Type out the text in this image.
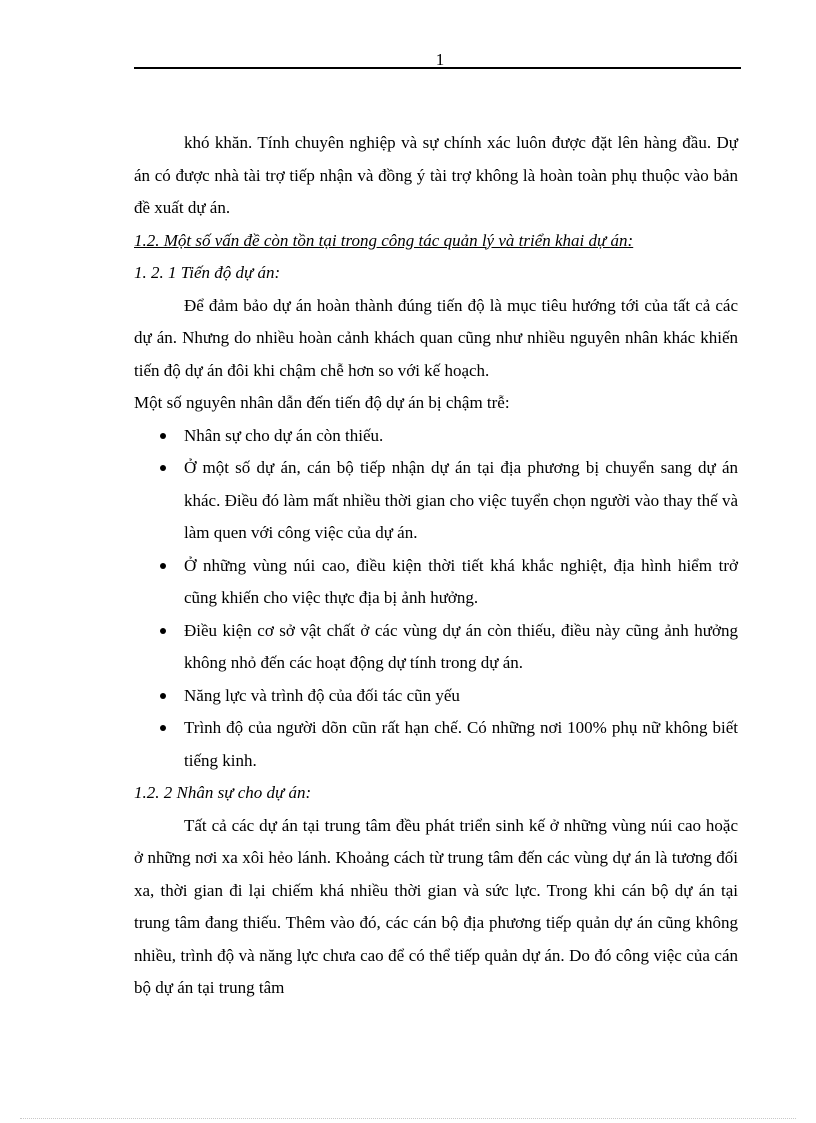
1

khó khăn. Tính chuyên nghiệp và sự chính xác luôn được đặt lên hàng đầu. Dự án có được nhà tài trợ tiếp nhận và đồng ý tài trợ không là hoàn toàn phụ thuộc vào bản đề xuất dự án.

1.2. Một số vấn đề còn tồn tại trong công tác quản lý và triển khai dự án:

1. 2. 1 Tiến độ dự án:

Để đảm bảo dự án hoàn thành đúng tiến độ là mục tiêu hướng tới của tất cả các dự án. Nhưng do nhiều hoàn cảnh khách quan cũng như nhiều nguyên nhân khác khiến tiến độ dự án đôi khi chậm chễ hơn so với kế hoạch.

Một số nguyên nhân dẫn đến tiến độ dự án bị chậm trễ:

Nhân sự cho dự án còn thiếu.
Ở một số dự án, cán bộ tiếp nhận dự án tại địa phương bị chuyển sang dự án khác. Điều đó làm mất nhiều thời gian cho việc tuyển chọn người vào thay thế và làm quen với công việc của dự án.
Ở những vùng núi cao, điều kiện thời tiết khá khắc nghiệt, địa hình hiểm trở cũng khiến cho việc thực địa bị ảnh hưởng.
Điều kiện cơ sở vật chất ở các vùng dự án còn thiếu, điều này cũng ảnh hưởng không nhỏ đến các hoạt động dự tính trong dự án.
Năng lực và trình độ của đối tác cũn yếu
Trình độ của người dõn cũn rất hạn chế. Có những nơi 100% phụ nữ không biết tiếng kinh.

1.2. 2 Nhân sự cho dự án:

Tất cả các dự án tại trung tâm đều phát triển sinh kế ở những vùng núi cao hoặc ở những nơi xa xôi hẻo lánh. Khoảng cách từ trung tâm đến các vùng dự án là tương đối xa, thời gian đi lại chiếm khá nhiều thời gian và sức lực. Trong khi cán bộ dự án tại trung tâm đang thiếu. Thêm vào đó, các cán bộ địa phương tiếp quản dự án cũng không nhiều, trình độ và năng lực chưa cao để có thể tiếp quản dự án. Do đó công việc của cán bộ dự án tại trung tâm
